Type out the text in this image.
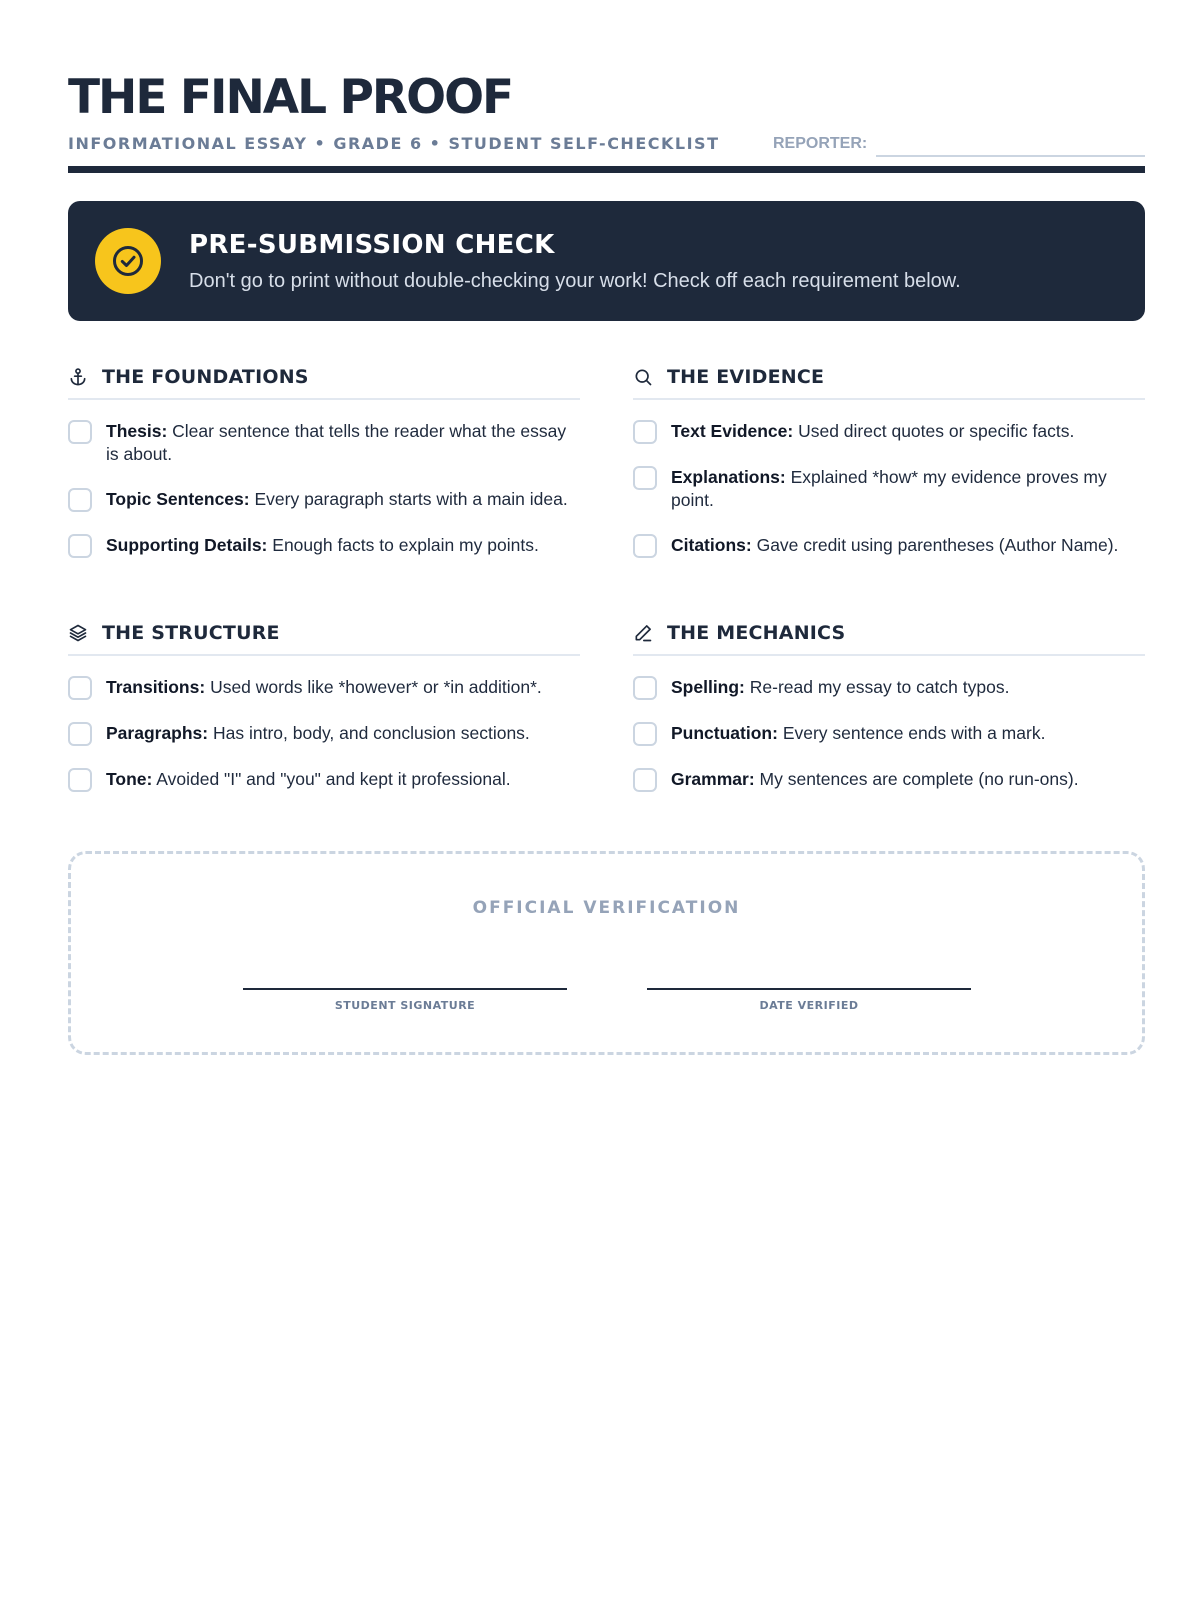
THE FINAL PROOF
INFORMATIONAL ESSAY • GRADE 6 • STUDENT SELF-CHECKLIST	REPORTER:
PRE-SUBMISSION CHECK
Don't go to print without double-checking your work! Check off each requirement below.
THE FOUNDATIONS
Thesis: Clear sentence that tells the reader what the essay is about.
Topic Sentences: Every paragraph starts with a main idea.
Supporting Details: Enough facts to explain my points.
THE EVIDENCE
Text Evidence: Used direct quotes or specific facts.
Explanations: Explained *how* my evidence proves my point.
Citations: Gave credit using parentheses (Author Name).
THE STRUCTURE
Transitions: Used words like *however* or *in addition*.
Paragraphs: Has intro, body, and conclusion sections.
Tone: Avoided "I" and "you" and kept it professional.
THE MECHANICS
Spelling: Re-read my essay to catch typos.
Punctuation: Every sentence ends with a mark.
Grammar: My sentences are complete (no run-ons).
OFFICIAL VERIFICATION
STUDENT SIGNATURE	DATE VERIFIED
